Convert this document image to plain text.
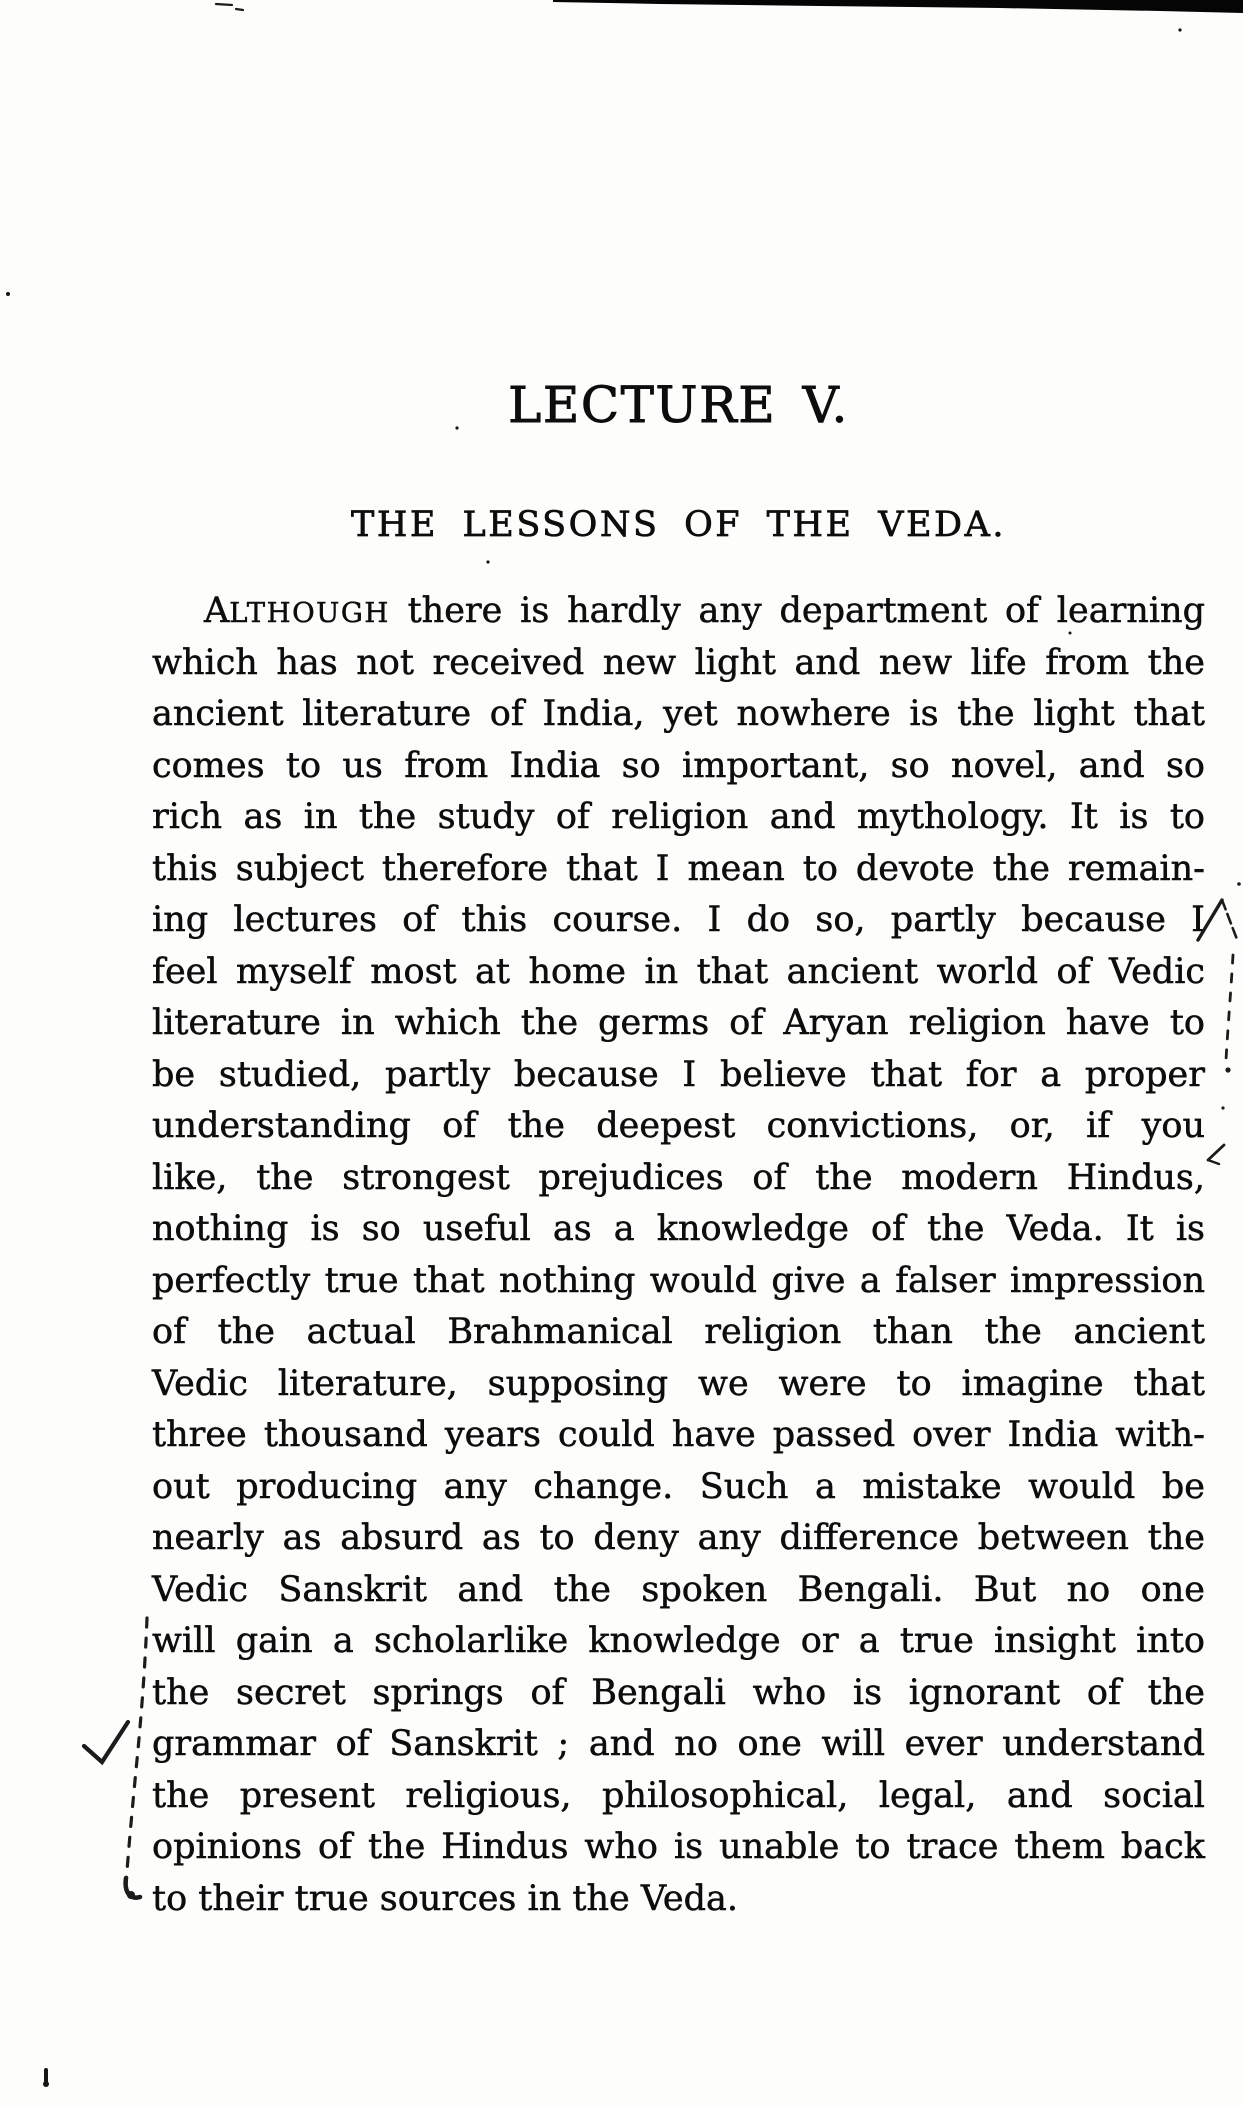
LECTURE V.
THE LESSONS OF THE VEDA.
ALTHOUGH there is hardly any department of learning
which has not received new light and new life from the
ancient literature of India, yet nowhere is the light that
comes to us from India so important, so novel, and so
rich as in the study of religion and mythology. It is to
this subject therefore that I mean to devote the remain-
ing lectures of this course. I do so, partly because I
feel myself most at home in that ancient world of Vedic
literature in which the germs of Aryan religion have to
be studied, partly because I believe that for a proper
understanding of the deepest convictions, or, if you
like, the strongest prejudices of the modern Hindus,
nothing is so useful as a knowledge of the Veda. It is
perfectly true that nothing would give a falser impression
of the actual Brahmanical religion than the ancient
Vedic literature, supposing we were to imagine that
three thousand years could have passed over India with-
out producing any change. Such a mistake would be
nearly as absurd as to deny any difference between the
Vedic Sanskrit and the spoken Bengali. But no one
will gain a scholarlike knowledge or a true insight into
the secret springs of Bengali who is ignorant of the
grammar of Sanskrit ; and no one will ever understand
the present religious, philosophical, legal, and social
opinions of the Hindus who is unable to trace them back
to their true sources in the Veda.
